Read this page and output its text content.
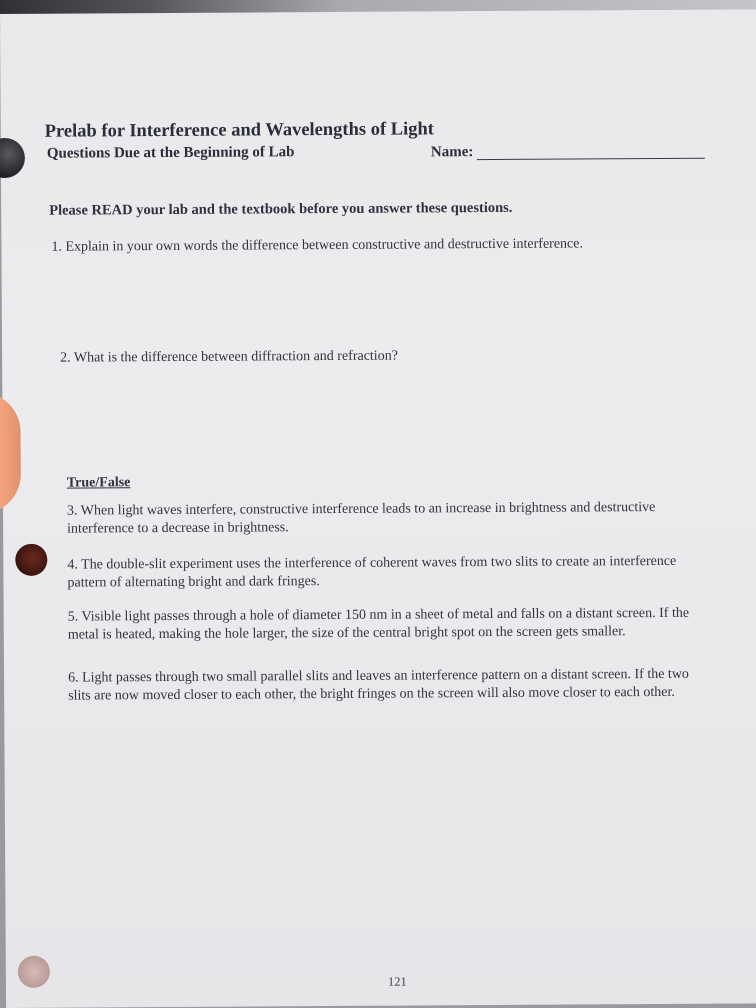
Prelab for Interference and Wavelengths of Light
Questions Due at the Beginning of Lab	Name:
Please READ your lab and the textbook before you answer these questions.
1. Explain in your own words the difference between constructive and destructive interference.
2. What is the difference between diffraction and refraction?
True/False
3. When light waves interfere, constructive interference leads to an increase in brightness and destructive interference to a decrease in brightness.
4. The double-slit experiment uses the interference of coherent waves from two slits to create an interference pattern of alternating bright and dark fringes.
5. Visible light passes through a hole of diameter 150 nm in a sheet of metal and falls on a distant screen. If the metal is heated, making the hole larger, the size of the central bright spot on the screen gets smaller.
6. Light passes through two small parallel slits and leaves an interference pattern on a distant screen. If the two slits are now moved closer to each other, the bright fringes on the screen will also move closer to each other.
121
